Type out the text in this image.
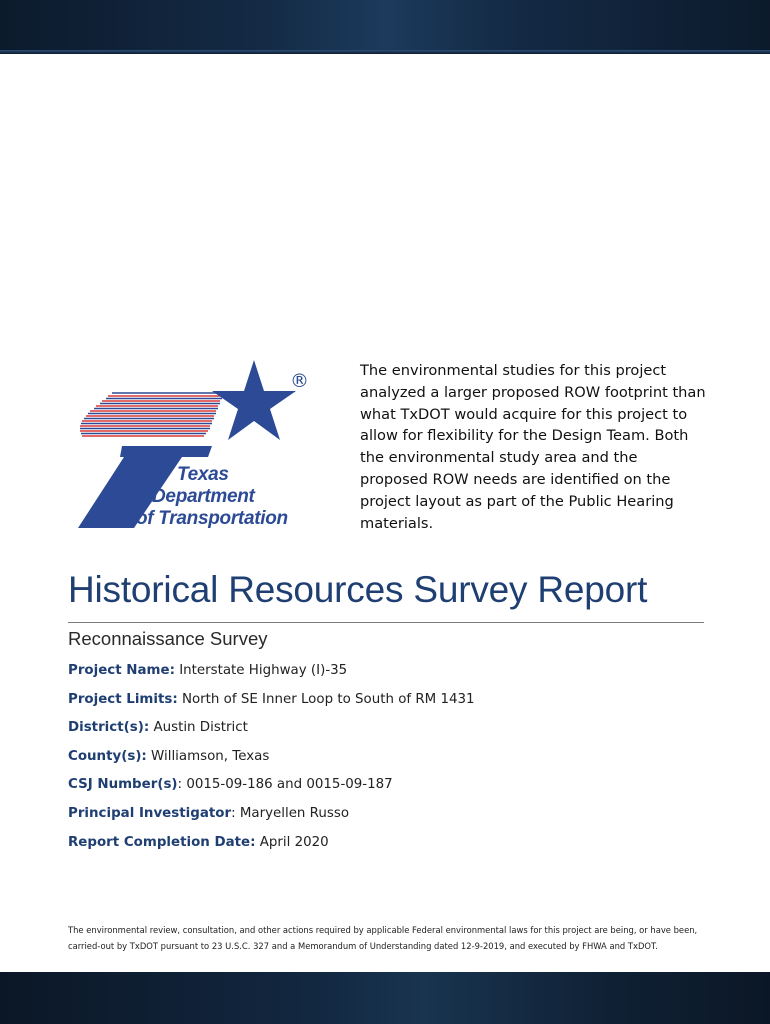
Texas
Department
of Transportation
®	The environmental studies for this project analyzed a larger proposed ROW footprint than what TxDOT would acquire for this project to allow for flexibility for the Design Team. Both the environmental study area and the proposed ROW needs are identified on the project layout as part of the Public Hearing materials.
Historical Resources Survey Report
Reconnaissance Survey
Project Name: Interstate Highway (I)-35
Project Limits: North of SE Inner Loop to South of RM 1431
District(s): Austin District
County(s): Williamson, Texas
CSJ Number(s): 0015-09-186 and 0015-09-187
Principal Investigator: Maryellen Russo
Report Completion Date: April 2020
The environmental review, consultation, and other actions required by applicable Federal environmental laws for this project are being, or have been, carried-out by TxDOT pursuant to 23 U.S.C. 327 and a Memorandum of Understanding dated 12-9-2019, and executed by FHWA and TxDOT.
